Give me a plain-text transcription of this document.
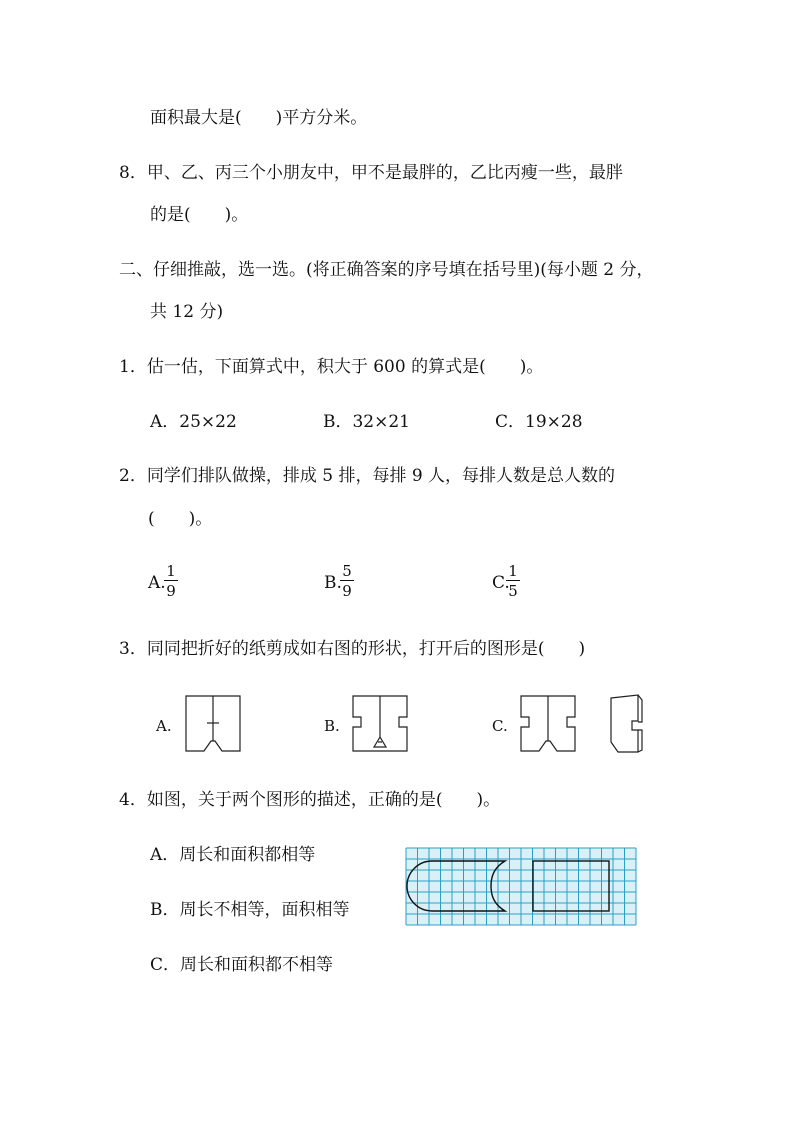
面积最大是(　　)平方分米。
8．甲、乙、丙三个小朋友中，甲不是最胖的，乙比丙瘦一些，最胖
的是(　　)。
二、仔细推敲，选一选。(将正确答案的序号填在括号里)(每小题 2 分，
共 12 分)
1．估一估，下面算式中，积大于 600 的算式是(　　)。
A．25×22	B．32×21	C．19×28
2．同学们排队做操，排成 5 排，每排 9 人，每排人数是总人数的
(　　)。
A.
$\frac{1}{9}$	B.
$\frac{5}{9}$	C.
$\frac{1}{5}$
3．同同把折好的纸剪成如右图的形状，打开后的图形是(　　)
A.	B.	C.
4．如图，关于两个图形的描述，正确的是(　　)。
A．周长和面积都相等
B．周长不相等，面积相等
C．周长和面积都不相等
